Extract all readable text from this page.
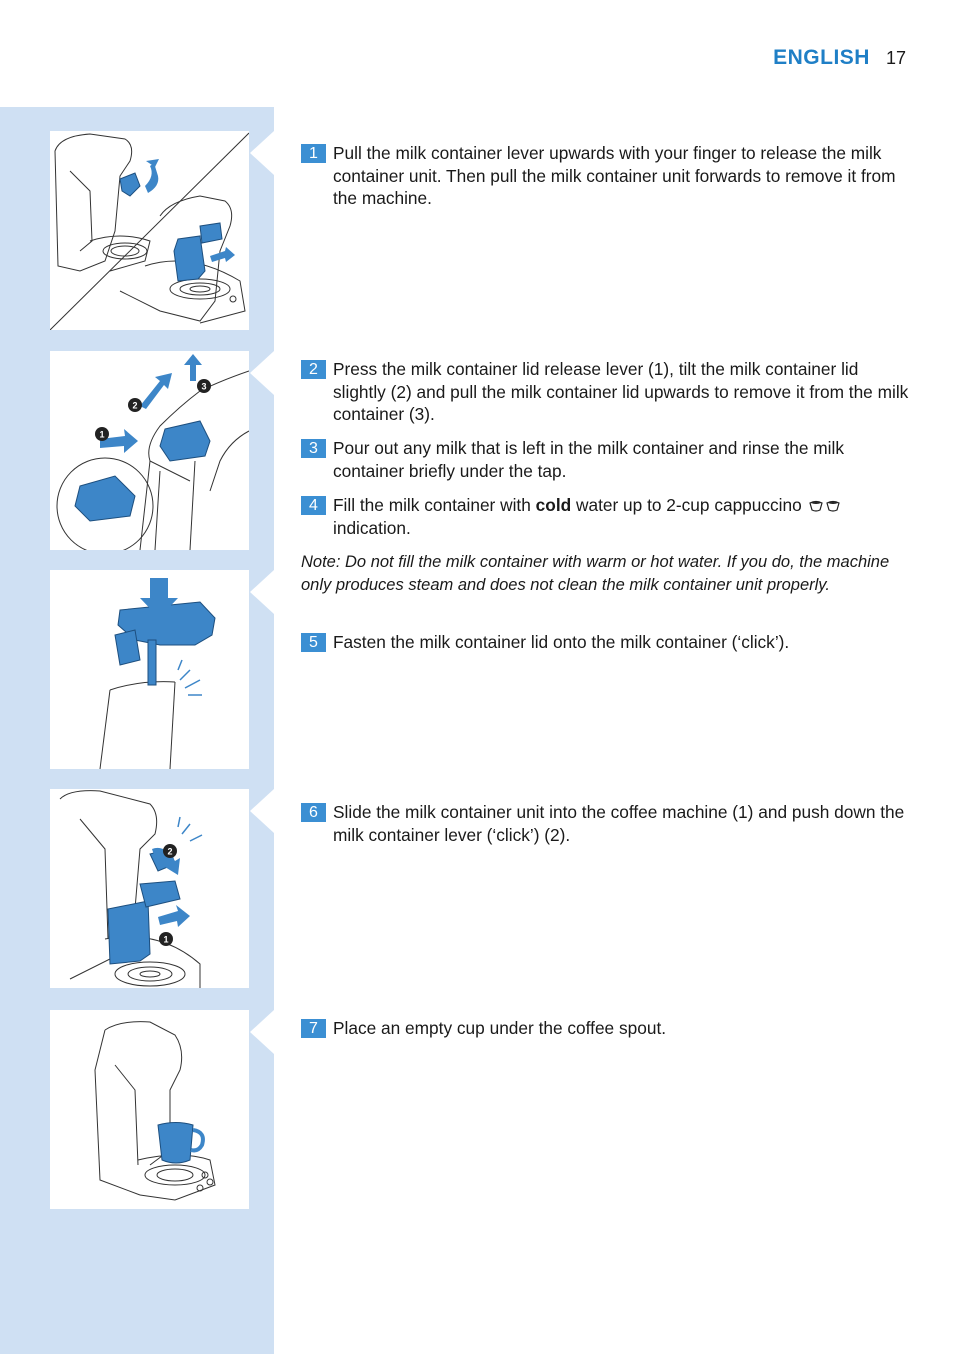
ENGLISH 17
1
2
3
2
1
1 Pull the milk container lever upwards with your finger to release the milk container unit. Then pull the milk container unit forwards to remove it from the machine.
2 Press the milk container lid release lever (1), tilt the milk container lid slightly (2) and pull the milk container lid upwards to remove it from the milk container (3).
3 Pour out any milk that is left in the milk container and rinse the milk container briefly under the tap.
4 Fill the milk container with cold water up to 2-cup cappuccino
indication.
Note: Do not fill the milk container with warm or hot water. If you do, the machine only produces steam and does not clean the milk container unit properly.
5 Fasten the milk container lid onto the milk container (‘click’).
6 Slide the milk container unit into the coffee machine (1) and push down the milk container lever (‘click’) (2).
7 Place an empty cup under the coffee spout.
